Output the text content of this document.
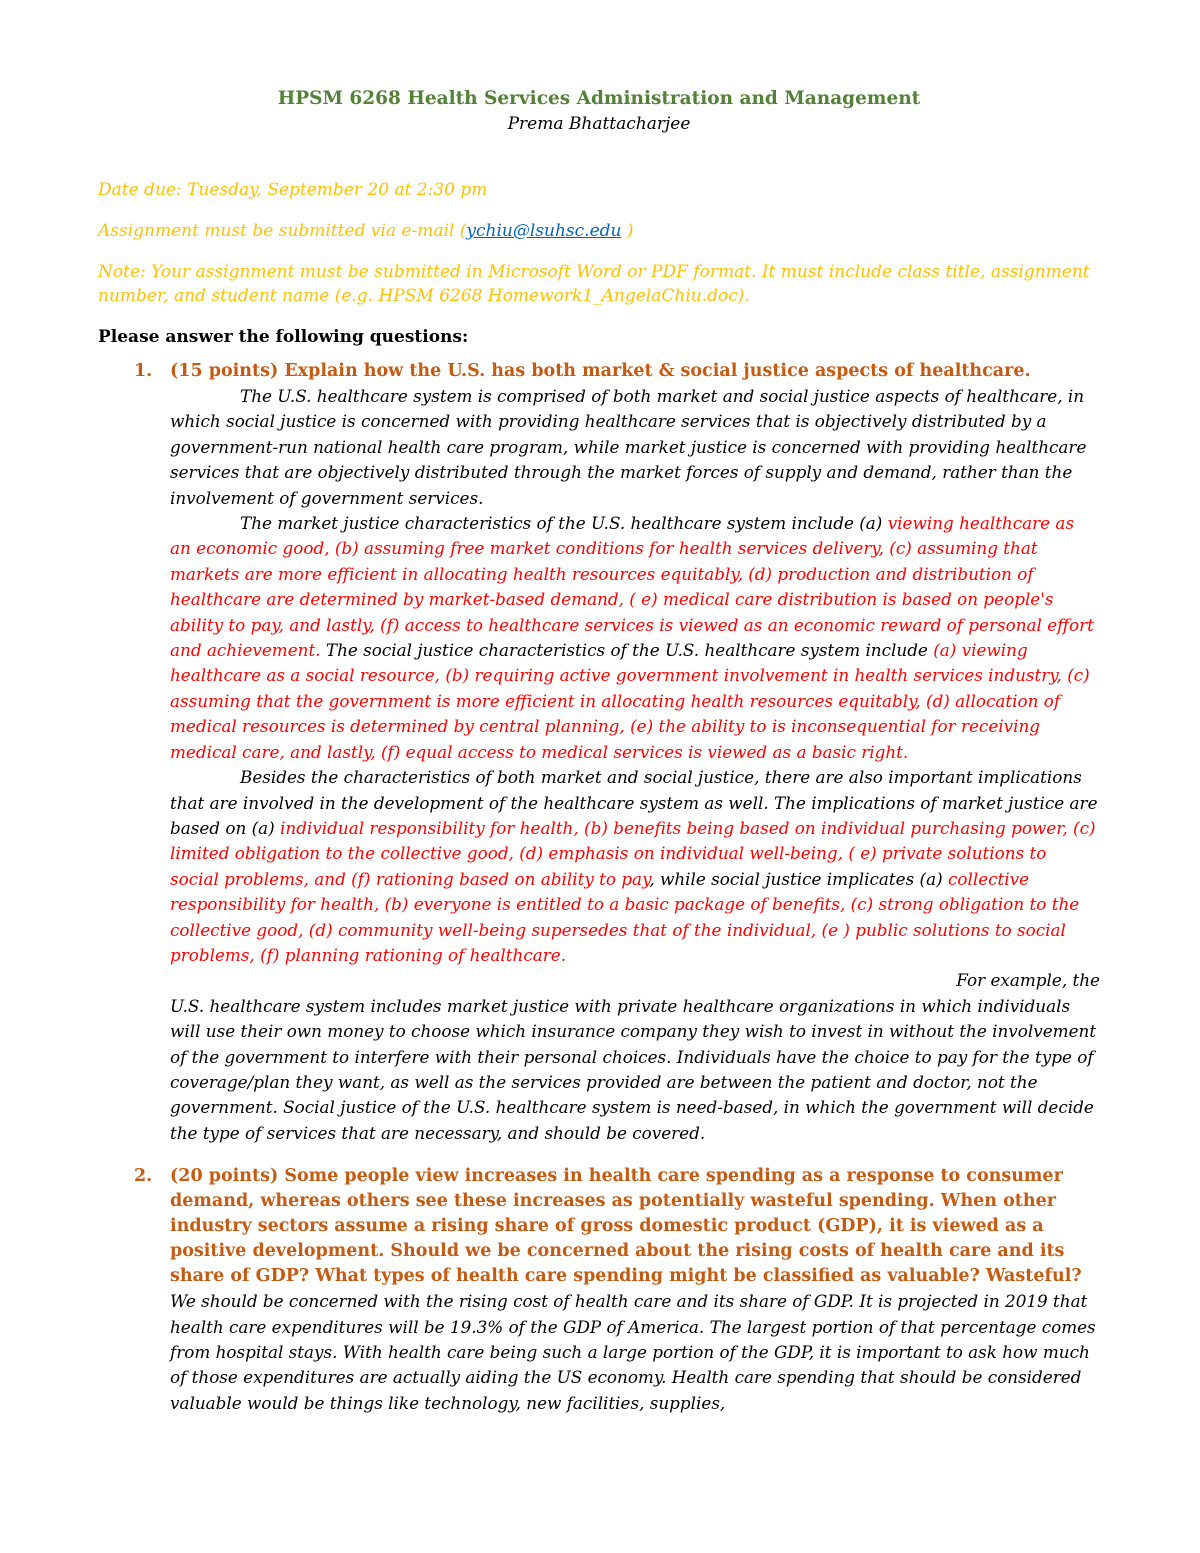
HPSM 6268 Health Services Administration and Management
Prema Bhattacharjee

Date due: Tuesday, September 20 at 2:30 pm

Assignment must be submitted via e-mail (ychiu@lsuhsc.edu )

Note: Your assignment must be submitted in Microsoft Word or PDF format. It must include class title, assignment number, and student name (e.g. HPSM 6268 Homework1_AngelaChiu.doc).

Please answer the following questions:
1. (15 points) Explain how the U.S. has both market & social justice aspects of healthcare.

The U.S. healthcare system is comprised of both market and social justice aspects of healthcare, in which social justice is concerned with providing healthcare services that is objectively distributed by a government-run national health care program, while market justice is concerned with providing healthcare services that are objectively distributed through the market forces of supply and demand, rather than the involvement of government services.

The market justice characteristics of the U.S. healthcare system include (a) viewing healthcare as an economic good, (b) assuming free market conditions for health services delivery, (c) assuming that markets are more efficient in allocating health resources equitably, (d) production and distribution of healthcare are determined by market-based demand, ( e) medical care distribution is based on people's ability to pay, and lastly, (f) access to healthcare services is viewed as an economic reward of personal effort and achievement. The social justice characteristics of the U.S. healthcare system include (a) viewing healthcare as a social resource, (b) requiring active government involvement in health services industry, (c) assuming that the government is more efficient in allocating health resources equitably, (d) allocation of medical resources is determined by central planning, (e) the ability to is inconsequential for receiving medical care, and lastly, (f) equal access to medical services is viewed as a basic right.

Besides the characteristics of both market and social justice, there are also important implications that are involved in the development of the healthcare system as well. The implications of market justice are based on (a) individual responsibility for health, (b) benefits being based on individual purchasing power, (c) limited obligation to the collective good, (d) emphasis on individual well-being, ( e) private solutions to social problems, and (f) rationing based on ability to pay, while social justice implicates (a) collective responsibility for health, (b) everyone is entitled to a basic package of benefits, (c) strong obligation to the collective good, (d) community well-being supersedes that of the individual, (e ) public solutions to social problems, (f) planning rationing of healthcare.

For example, the

U.S. healthcare system includes market justice with private healthcare organizations in which individuals will use their own money to choose which insurance company they wish to invest in without the involvement of the government to interfere with their personal choices. Individuals have the choice to pay for the type of coverage/plan they want, as well as the services provided are between the patient and doctor, not the government. Social justice of the U.S. healthcare system is need-based, in which the government will decide the type of services that are necessary, and should be covered.

2. (20 points) Some people view increases in health care spending as a response to consumer demand, whereas others see these increases as potentially wasteful spending. When other industry sectors assume a rising share of gross domestic product (GDP), it is viewed as a positive development. Should we be concerned about the rising costs of health care and its share of GDP? What types of health care spending might be classified as valuable? Wasteful?

We should be concerned with the rising cost of health care and its share of GDP. It is projected in 2019 that health care expenditures will be 19.3% of the GDP of America. The largest portion of that percentage comes from hospital stays. With health care being such a large portion of the GDP, it is important to ask how much of those expenditures are actually aiding the US economy. Health care spending that should be considered valuable would be things like technology, new facilities, supplies,
